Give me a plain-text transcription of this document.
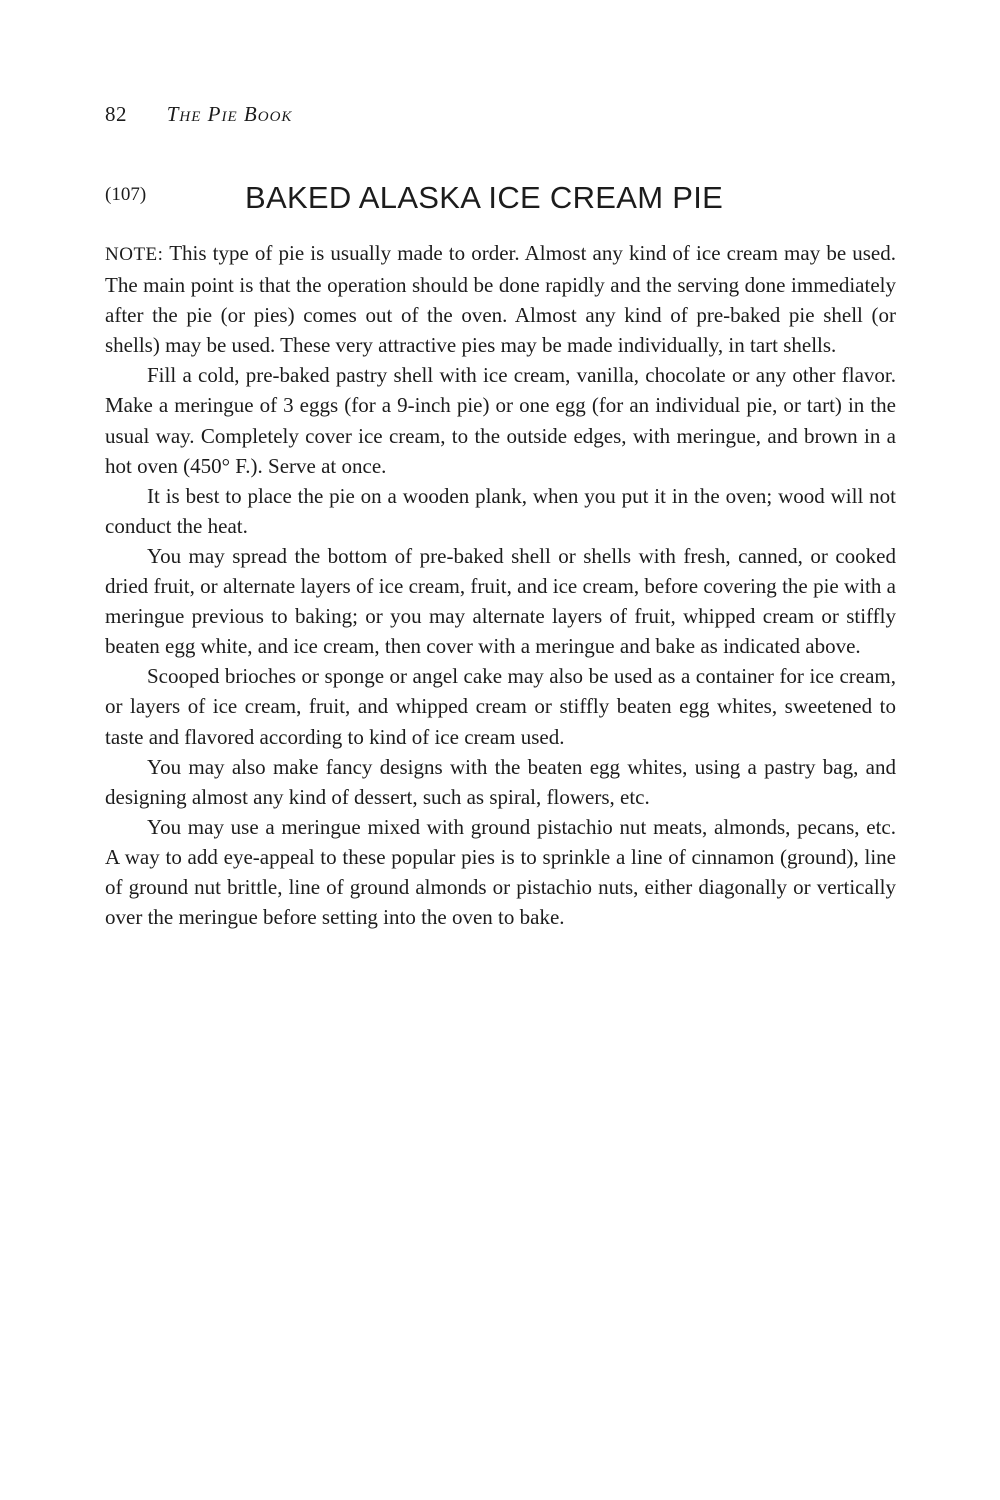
82 The Pie Book
(107)	BAKED ALASKA ICE CREAM PIE

NOTE: This type of pie is usually made to order. Almost any kind of ice cream may be used. The main point is that the operation should be done rapidly and the serving done immediately after the pie (or pies) comes out of the oven. Almost any kind of pre-baked pie shell (or shells) may be used. These very attractive pies may be made individually, in tart shells.

Fill a cold, pre-baked pastry shell with ice cream, vanilla, chocolate or any other flavor. Make a meringue of 3 eggs (for a 9-inch pie) or one egg (for an individual pie, or tart) in the usual way. Completely cover ice cream, to the outside edges, with meringue, and brown in a hot oven (450° F.). Serve at once.

It is best to place the pie on a wooden plank, when you put it in the oven; wood will not conduct the heat.

You may spread the bottom of pre-baked shell or shells with fresh, canned, or cooked dried fruit, or alternate layers of ice cream, fruit, and ice cream, before covering the pie with a meringue previous to baking; or you may alternate layers of fruit, whipped cream or stiffly beaten egg white, and ice cream, then cover with a meringue and bake as indicated above.

Scooped brioches or sponge or angel cake may also be used as a container for ice cream, or layers of ice cream, fruit, and whipped cream or stiffly beaten egg whites, sweetened to taste and flavored according to kind of ice cream used.

You may also make fancy designs with the beaten egg whites, using a pastry bag, and designing almost any kind of dessert, such as spiral, flowers, etc.

You may use a meringue mixed with ground pistachio nut meats, almonds, pecans, etc. A way to add eye-appeal to these popular pies is to sprinkle a line of cinnamon (ground), line of ground nut brittle, line of ground almonds or pistachio nuts, either diagonally or vertically over the meringue before setting into the oven to bake.
